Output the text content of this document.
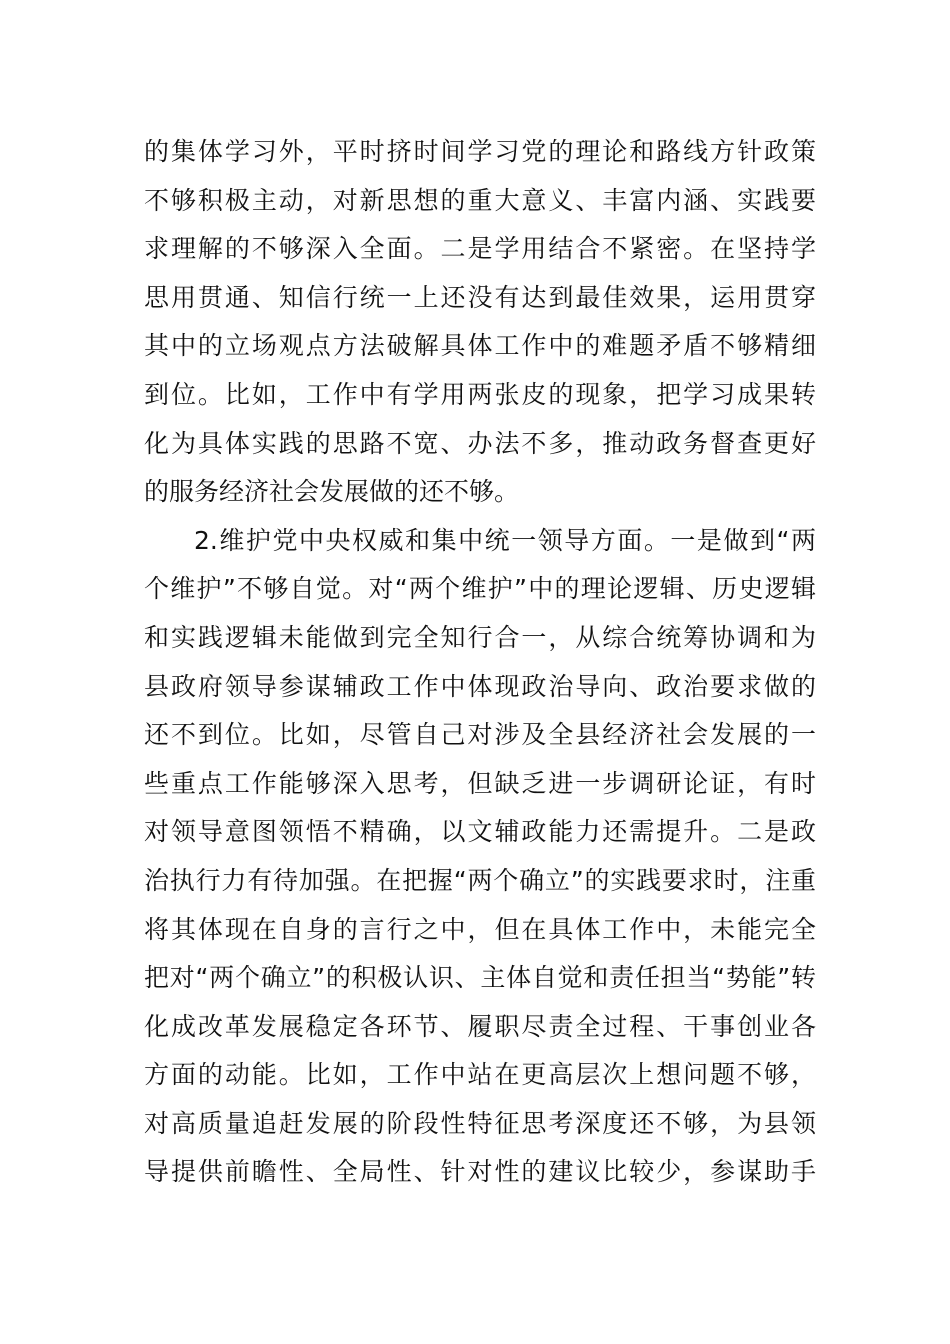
的集体学习外，平时挤时间学习党的理论和路线方针政策
不够积极主动，对新思想的重大意义、丰富内涵、实践要
求理解的不够深入全面。二是学用结合不紧密。在坚持学
思用贯通、知信行统一上还没有达到最佳效果，运用贯穿
其中的立场观点方法破解具体工作中的难题矛盾不够精细
到位。比如，工作中有学用两张皮的现象，把学习成果转
化为具体实践的思路不宽、办法不多，推动政务督查更好
的服务经济社会发展做的还不够。
2.维护党中央权威和集中统一领导方面。一是做到“两
个维护”不够自觉。对“两个维护”中的理论逻辑、历史逻辑
和实践逻辑未能做到完全知行合一，从综合统筹协调和为
县政府领导参谋辅政工作中体现政治导向、政治要求做的
还不到位。比如，尽管自己对涉及全县经济社会发展的一
些重点工作能够深入思考，但缺乏进一步调研论证，有时
对领导意图领悟不精确，以文辅政能力还需提升。二是政
治执行力有待加强。在把握“两个确立”的实践要求时，注重
将其体现在自身的言行之中，但在具体工作中，未能完全
把对“两个确立”的积极认识、主体自觉和责任担当“势能”转
化成改革发展稳定各环节、履职尽责全过程、干事创业各
方面的动能。比如，工作中站在更高层次上想问题不够，
对高质量追赶发展的阶段性特征思考深度还不够，为县领
导提供前瞻性、全局性、针对性的建议比较少，参谋助手
